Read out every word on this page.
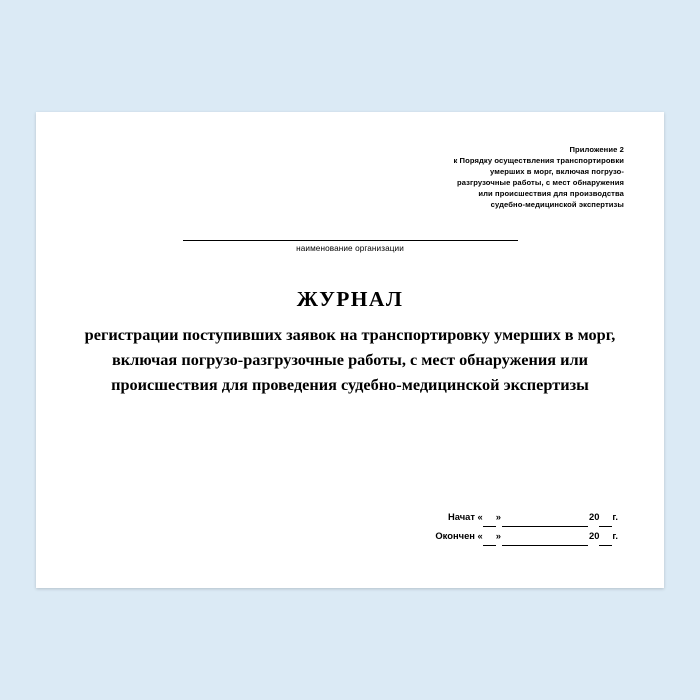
Приложение 2
к Порядку осуществления транспортировки
умерших в морг, включая погрузо-
разгрузочные работы, с мест обнаружения
или происшествия для производства
судебно-медицинской экспертизы
наименование организации
ЖУРНАЛ
регистрации поступивших заявок на транспортировку умерших в морг,
включая погрузо-разгрузочные работы, с мест обнаружения или
происшествия для проведения судебно-медицинской экспертизы
Начат « »	20 г.
Окончен « »	20 г.
